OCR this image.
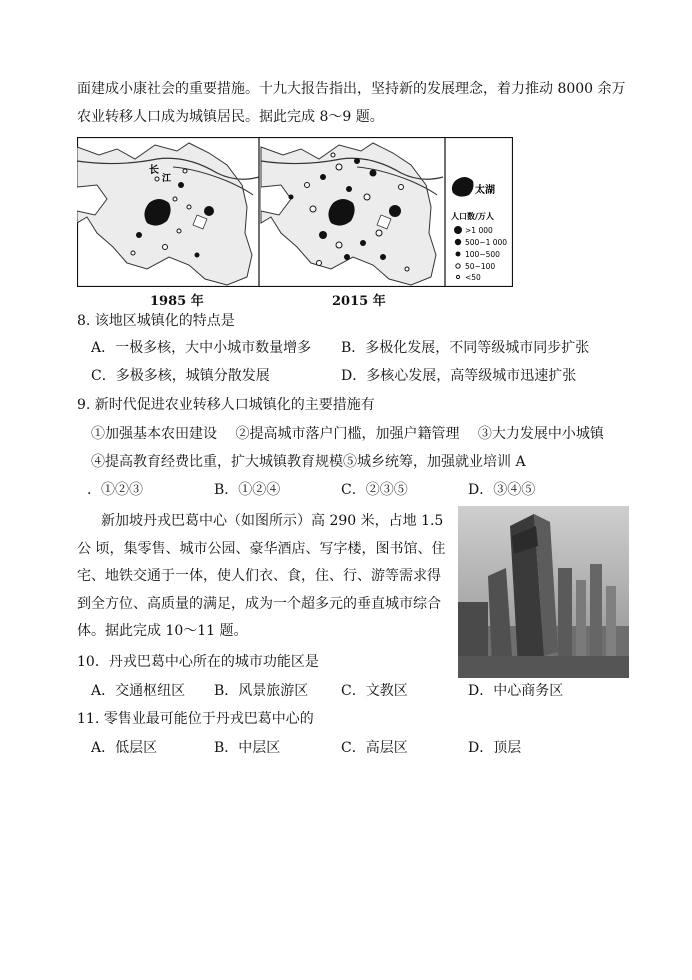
面建成小康社会的重要措施。十九大报告指出，坚持新的发展理念，着力推动 8000 余万
农业转移人口成为城镇居民。据此完成 8～9 题。
长
江
太湖
人口数/万人
>1 000
500~1 000
100~500
50~100
<50
1985 年	2015 年
8. 该地区城镇化的特点是
A．一极多核，大中小城市数量增多 B．多极化发展，不同等级城市同步扩张
C．多极多核，城镇分散发展	D．多核心发展，高等级城市迅速扩张
9. 新时代促进农业转移人口城镇化的主要措施有
①加强基本农田建设　 ②提高城市落户门槛，加强户籍管理　 ③大力发展中小城镇
④提高教育经费比重，扩大城镇教育规模⑤城乡统筹，加强就业培训 A
．①②③	B．①②④	C．②③⑤	D．③④⑤
新加坡丹戎巴葛中心（如图所示）高 290 米，占地 1.5
公 顷，集零售、城市公园、豪华酒店、写字楼，图书馆、住
宅、地铁交通于一体，使人们衣、食，住、行、游等需求得
到全方位、高质量的满足，成为一个超多元的垂直城市综合
体。据此完成 10～11 题。
10．丹戎巴葛中心所在的城市功能区是
A．交通枢纽区 B．风景旅游区 C．文教区	D．中心商务区
11. 零售业最可能位于丹戎巴葛中心的
A．低层区	B．中层区	C．高层区	D．顶层
